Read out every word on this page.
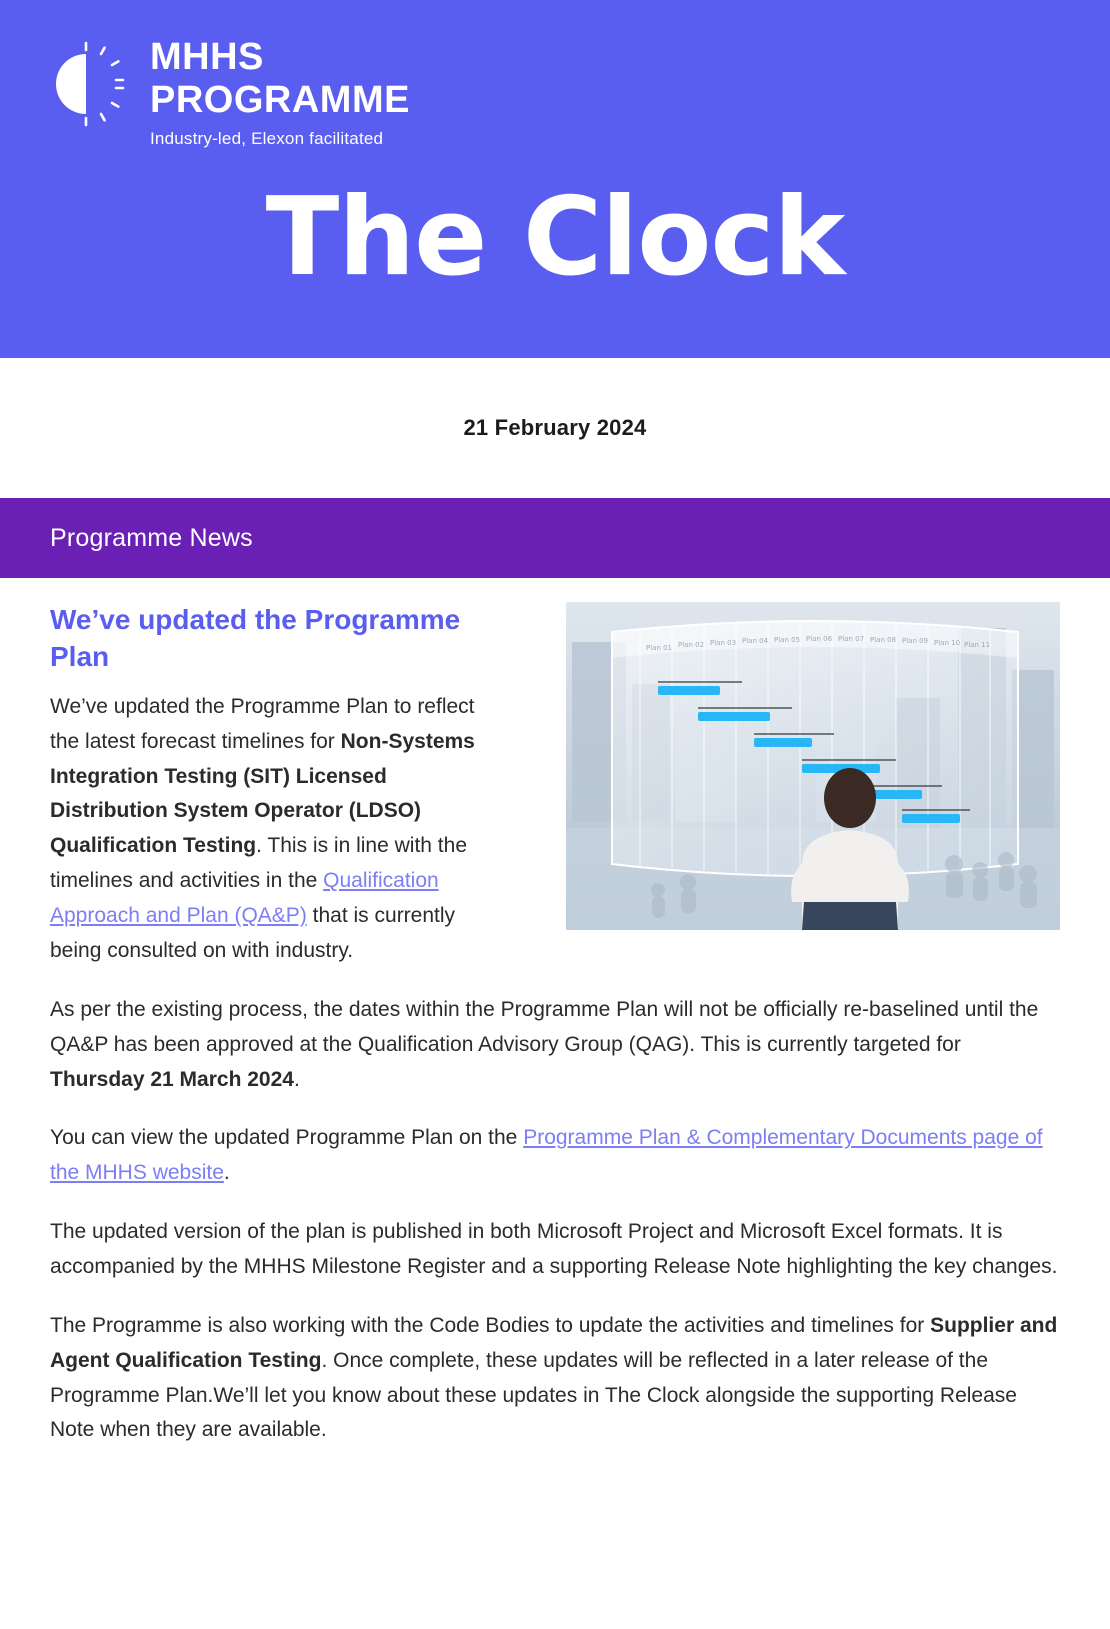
MHHS
PROGRAMME
Industry-led, Elexon facilitated
The Clock
21 February 2024
Programme News
Plan 01 Plan 02 Plan 03 Plan 04 Plan 05 Plan 06 Plan 07 Plan 08 Plan 09 Plan 10 Plan 11
We’ve updated the Programme Plan

We’ve updated the Programme Plan to reflect the latest forecast timelines for Non-Systems Integration Testing (SIT) Licensed Distribution System Operator (LDSO) Qualification Testing. This is in line with the timelines and activities in the Qualification Approach and Plan (QA&P) that is currently being consulted on with industry.

As per the existing process, the dates within the Programme Plan will not be officially re-baselined until the QA&P has been approved at the Qualification Advisory Group (QAG). This is currently targeted for Thursday 21 March 2024.

You can view the updated Programme Plan on the Programme Plan & Complementary Documents page of the MHHS website.

The updated version of the plan is published in both Microsoft Project and Microsoft Excel formats. It is accompanied by the MHHS Milestone Register and a supporting Release Note highlighting the key changes.

The Programme is also working with the Code Bodies to update the activities and timelines for Supplier and Agent Qualification Testing. Once complete, these updates will be reflected in a later release of the Programme Plan.We’ll let you know about these updates in The Clock alongside the supporting Release Note when they are available.
